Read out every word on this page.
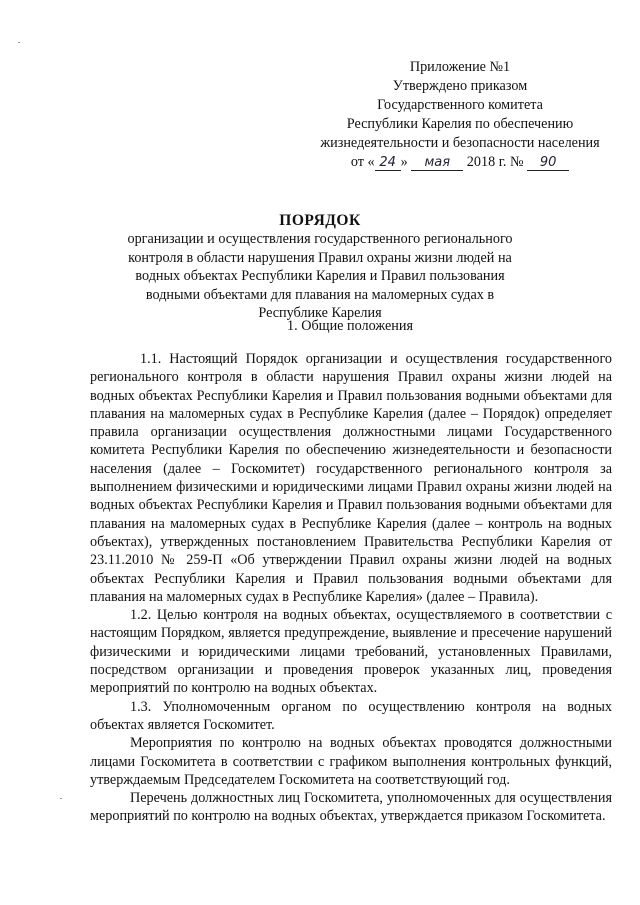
Приложение №1
Утверждено приказом
Государственного комитета
Республики Карелия по обеспечению
жизнедеятельности и безопасности населения
от « 24 » мая 2018 г. № 90
ПОРЯДОК
организации и осуществления государственного регионального контроля в области нарушения Правил охраны жизни людей на водных объектах Республики Карелия и Правил пользования водными объектами для плавания на маломерных судах в Республике Карелия
1. Общие положения

1.1. Настоящий Порядок организации и осуществления государственного регионального контроля в области нарушения Правил охраны жизни людей на водных объектах Республики Карелия и Правил пользования водными объектами для плавания на маломерных судах в Республике Карелия (далее – Порядок) определяет правила организации осуществления должностными лицами Государственного комитета Республики Карелия по обеспечению жизнедеятельности и безопасности населения (далее – Госкомитет) государственного регионального контроля за выполнением физическими и юридическими лицами Правил охраны жизни людей на водных объектах Республики Карелия и Правил пользования водными объектами для плавания на маломерных судах в Республике Карелия (далее – контроль на водных объектах), утвержденных постановлением Правительства Республики Карелия от 23.11.2010 № 259-П «Об утверждении Правил охраны жизни людей на водных объектах Республики Карелия и Правил пользования водными объектами для плавания на маломерных судах в Республике Карелия» (далее – Правила).

1.2. Целью контроля на водных объектах, осуществляемого в соответствии с настоящим Порядком, является предупреждение, выявление и пресечение нарушений физическими и юридическими лицами требований, установленных Правилами, посредством организации и проведения проверок указанных лиц, проведения мероприятий по контролю на водных объектах.

1.3. Уполномоченным органом по осуществлению контроля на водных объектах является Госкомитет.

Мероприятия по контролю на водных объектах проводятся должностными лицами Госкомитета в соответствии с графиком выполнения контрольных функций, утверждаемым Председателем Госкомитета на соответствующий год.

Перечень должностных лиц Госкомитета, уполномоченных для осуществления мероприятий по контролю на водных объектах, утверждается приказом Госкомитета.
